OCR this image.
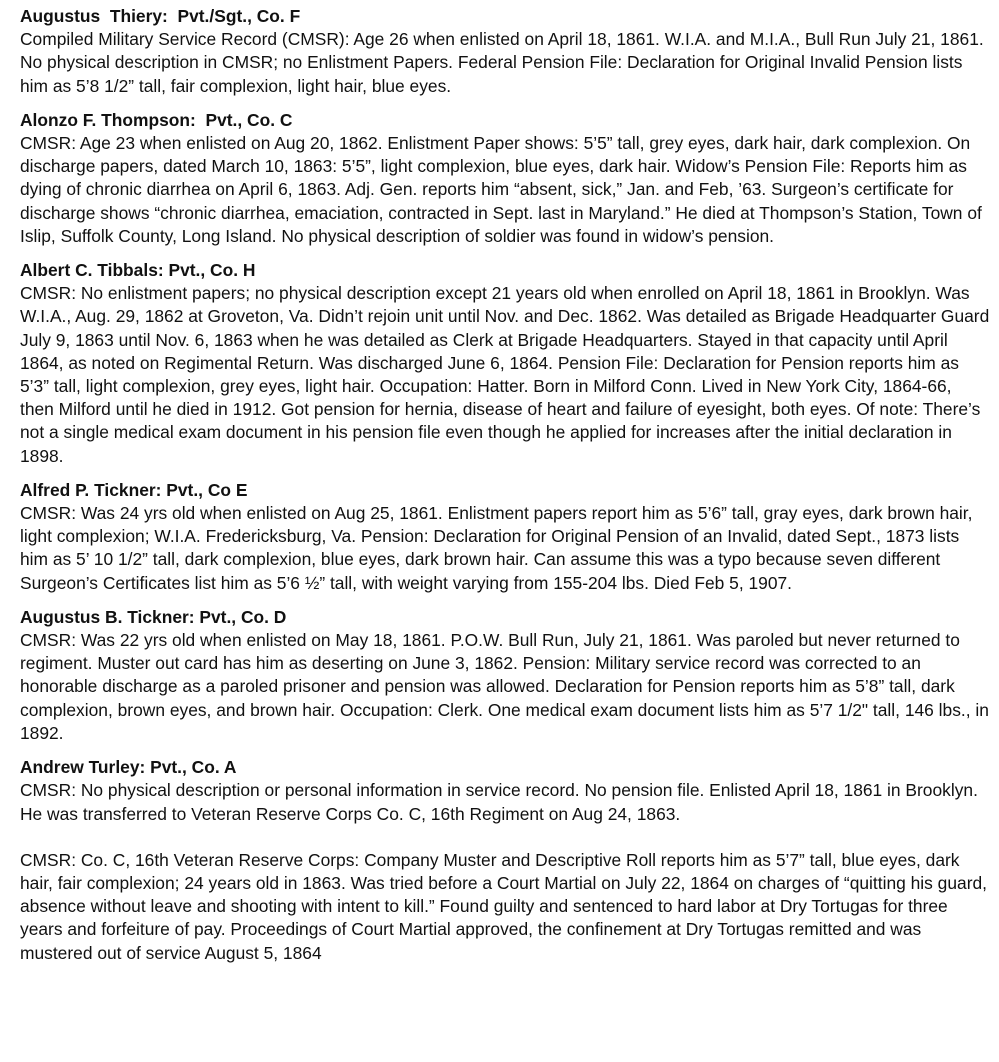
Augustus  Thiery:  Pvt./Sgt., Co. F

Compiled Military Service Record (CMSR): Age 26 when enlisted on April 18, 1861. W.I.A. and M.I.A., Bull Run July 21, 1861. No physical description in CMSR; no Enlistment Papers. Federal Pension File: Declaration for Original Invalid Pension lists him as 5’8 1/2” tall, fair complexion, light hair, blue eyes.

Alonzo F. Thompson:  Pvt., Co. C

CMSR: Age 23 when enlisted on Aug 20, 1862. Enlistment Paper shows: 5’5” tall, grey eyes, dark hair, dark complexion. On discharge papers, dated March 10, 1863: 5’5”, light complexion, blue eyes, dark hair. Widow’s Pension File: Reports him as dying of chronic diarrhea on April 6, 1863. Adj. Gen. reports him “absent, sick,” Jan. and Feb, ’63. Surgeon’s certificate for discharge shows “chronic diarrhea, emaciation, contracted in Sept. last in Maryland.” He died at Thompson’s Station, Town of Islip, Suffolk County, Long Island. No physical description of soldier was found in widow’s pension.

Albert C. Tibbals: Pvt., Co. H

CMSR: No enlistment papers; no physical description except 21 years old when enrolled on April 18, 1861 in Brooklyn. Was W.I.A., Aug. 29, 1862 at Groveton, Va. Didn’t rejoin unit until Nov. and Dec. 1862. Was detailed as Brigade Headquarter Guard July 9, 1863 until Nov. 6, 1863 when he was detailed as Clerk at Brigade Headquarters. Stayed in that capacity until April 1864, as noted on Regimental Return. Was discharged June 6, 1864. Pension File: Declaration for Pension reports him as 5’3” tall, light complexion, grey eyes, light hair. Occupation: Hatter. Born in Milford Conn. Lived in New York City, 1864-66, then Milford until he died in 1912. Got pension for hernia, disease of heart and failure of eyesight, both eyes. Of note: There’s not a single medical exam document in his pension file even though he applied for increases after the initial declaration in 1898.

Alfred P. Tickner: Pvt., Co E

CMSR: Was 24 yrs old when enlisted on Aug 25, 1861. Enlistment papers report him as 5’6” tall, gray eyes, dark brown hair, light complexion; W.I.A. Fredericksburg, Va. Pension: Declaration for Original Pension of an Invalid, dated Sept., 1873 lists him as 5’ 10 1/2” tall, dark complexion, blue eyes, dark brown hair. Can assume this was a typo because seven different Surgeon’s Certificates list him as 5’6 ½” tall, with weight varying from 155-204 lbs. Died Feb 5, 1907.

Augustus B. Tickner: Pvt., Co. D

CMSR: Was 22 yrs old when enlisted on May 18, 1861. P.O.W. Bull Run, July 21, 1861. Was paroled but never returned to regiment. Muster out card has him as deserting on June 3, 1862. Pension: Military service record was corrected to an honorable discharge as a paroled prisoner and pension was allowed. Declaration for Pension reports him as 5’8” tall, dark complexion, brown eyes, and brown hair. Occupation: Clerk. One medical exam document lists him as 5’7 1/2" tall, 146 lbs., in 1892.

Andrew Turley: Pvt., Co. A

CMSR: No physical description or personal information in service record. No pension file. Enlisted April 18, 1861 in Brooklyn. He was transferred to Veteran Reserve Corps Co. C, 16th Regiment on Aug 24, 1863.

CMSR: Co. C, 16th Veteran Reserve Corps: Company Muster and Descriptive Roll reports him as 5’7” tall, blue eyes, dark hair, fair complexion; 24 years old in 1863. Was tried before a Court Martial on July 22, 1864 on charges of “quitting his guard, absence without leave and shooting with intent to kill.” Found guilty and sentenced to hard labor at Dry Tortugas for three years and forfeiture of pay. Proceedings of Court Martial approved, the confinement at Dry Tortugas remitted and was mustered out of service August 5, 1864
